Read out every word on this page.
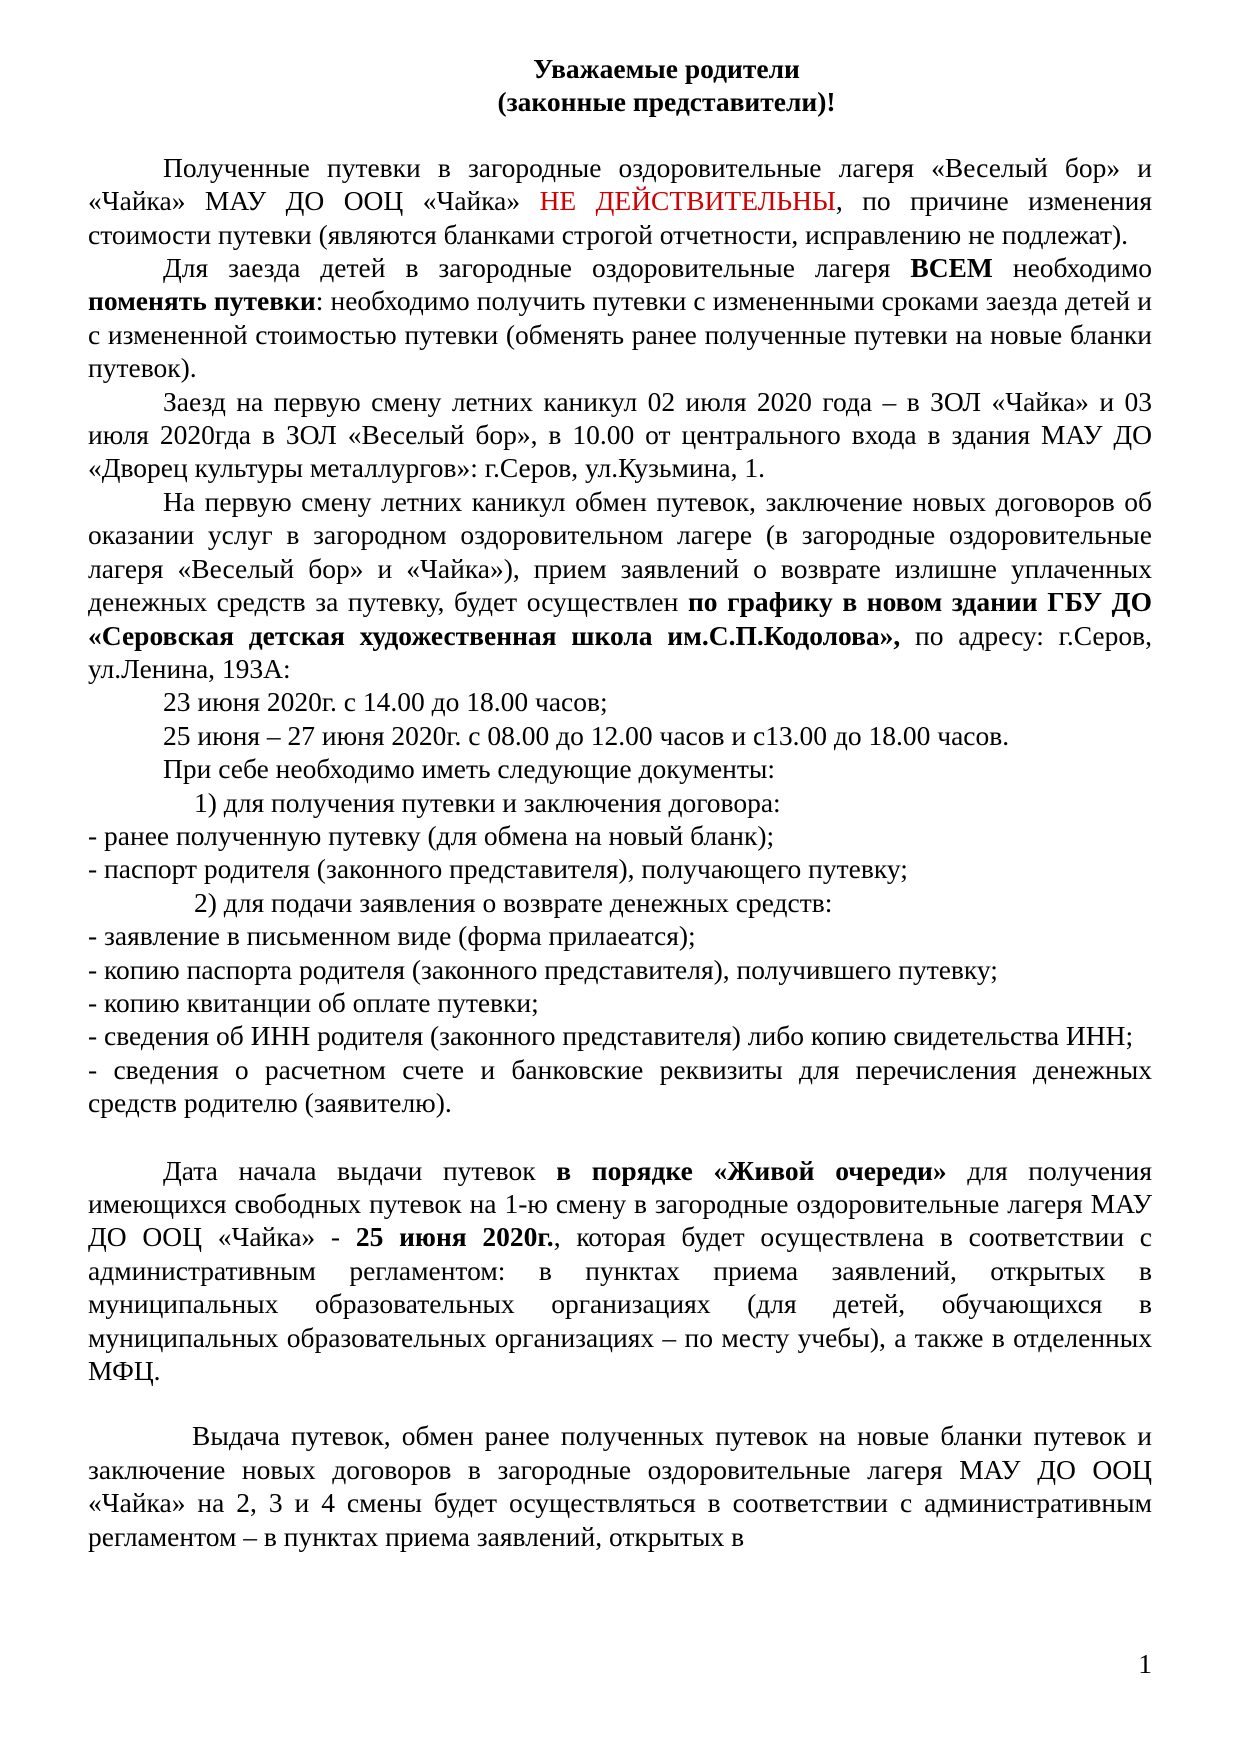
Уважаемые родители
(законные представители)!

Полученные путевки в загородные оздоровительные лагеря «Веселый бор» и «Чайка» МАУ ДО ООЦ «Чайка» НЕ ДЕЙСТВИТЕЛЬНЫ, по причине изменения стоимости путевки (являются бланками строгой отчетности, исправлению не подлежат).

Для заезда детей в загородные оздоровительные лагеря ВСЕМ необходимо поменять путевки: необходимо получить путевки с измененными сроками заезда детей и с измененной стоимостью путевки (обменять ранее полученные путевки на новые бланки путевок).

Заезд на первую смену летних каникул 02 июля 2020 года – в ЗОЛ «Чайка» и 03 июля 2020гда в ЗОЛ «Веселый бор», в 10.00 от центрального входа в здания МАУ ДО «Дворец культуры металлургов»: г.Серов, ул.Кузьмина, 1.

На первую смену летних каникул обмен путевок, заключение новых договоров об оказании услуг в загородном оздоровительном лагере (в загородные оздоровительные лагеря «Веселый бор» и «Чайка»), прием заявлений о возврате излишне уплаченных денежных средств за путевку, будет осуществлен по графику в новом здании ГБУ ДО «Серовская детская художественная школа им.С.П.Кодолова», по адресу: г.Серов, ул.Ленина, 193А:

23 июня 2020г. с 14.00 до 18.00 часов;

25 июня – 27 июня 2020г. с 08.00 до 12.00 часов и с13.00 до 18.00 часов.

При себе необходимо иметь следующие документы:

1) для получения путевки и заключения договора:

- ранее полученную путевку (для обмена на новый бланк);

- паспорт родителя (законного представителя), получающего путевку;

2) для подачи заявления о возврате денежных средств:

- заявление в письменном виде (форма прилаеатся);

- копию паспорта родителя (законного представителя), получившего путевку;

- копию квитанции об оплате путевки;

- сведения об ИНН родителя (законного представителя) либо копию свидетельства ИНН;

- сведения о расчетном счете и банковские реквизиты для перечисления денежных средств родителю (заявителю).

Дата начала выдачи путевок в порядке «Живой очереди» для получения имеющихся свободных путевок на 1-ю смену в загородные оздоровительные лагеря МАУ ДО ООЦ «Чайка» - 25 июня 2020г., которая будет осуществлена в соответствии с административным регламентом: в пунктах приема заявлений, открытых в муниципальных образовательных организациях (для детей, обучающихся в муниципальных образовательных организациях – по месту учебы), а также в отделенных МФЦ.

Выдача путевок, обмен ранее полученных путевок на новые бланки путевок и заключение новых договоров в загородные оздоровительные лагеря МАУ ДО ООЦ «Чайка» на 2, 3 и 4 смены будет осуществляться в соответствии с административным регламентом – в пунктах приема заявлений, открытых в

1
